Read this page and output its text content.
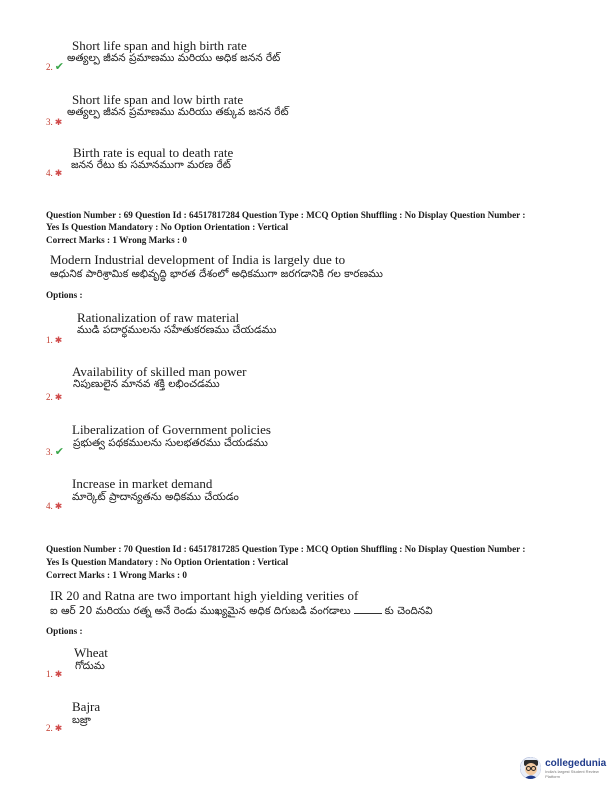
Short life span and high birth rate
అత్యల్ప జీవన ప్రమాణము మరియు అధిక జనన రేట్
2. ✔
Short life span and low birth rate
అత్యల్ప జీవన ప్రమాణము మరియు తక్కువ జనన రేట్
3. ✱
Birth rate is equal to death rate
జనన రేటు కు సమానముగా మరణ రేట్
4. ✱
Question Number : 69 Question Id : 64517817284 Question Type : MCQ Option Shuffling : No Display Question Number :
Yes Is Question Mandatory : No Option Orientation : Vertical
Correct Marks : 1 Wrong Marks : 0
Modern Industrial development of India is largely due to
ఆధునిక పారిశ్రామిక అభివృద్ధి భారత దేశంలో అధికముగా జరగడానికి గల కారణము
Options :
Rationalization of raw material
ముడి పదార్ధములను సహేతుకరణము చేయడము
1. ✱
Availability of skilled man power
నిపుణులైన మానవ శక్తి లభించడము
2. ✱
Liberalization of Government policies
ప్రభుత్వ పథకములను సులభతరము చేయడము
3. ✔
Increase in market demand
మార్కెట్ ప్రాదాన్యతను అధికము చేయడం
4. ✱
Question Number : 70 Question Id : 64517817285 Question Type : MCQ Option Shuffling : No Display Question Number :
Yes Is Question Mandatory : No Option Orientation : Vertical
Correct Marks : 1 Wrong Marks : 0
IR 20 and Ratna are two important high yielding verities of
ఐ ఆర్ 20 మరియు రత్న అనే రెండు ముఖ్యమైన అధిక దిగుబడి వంగడాలు	కు చెందినవి
Options :
Wheat
గోదుమ
1. ✱
Bajra
బజ్రా
2. ✱
collegedunia
India's largest Student Review Platform
